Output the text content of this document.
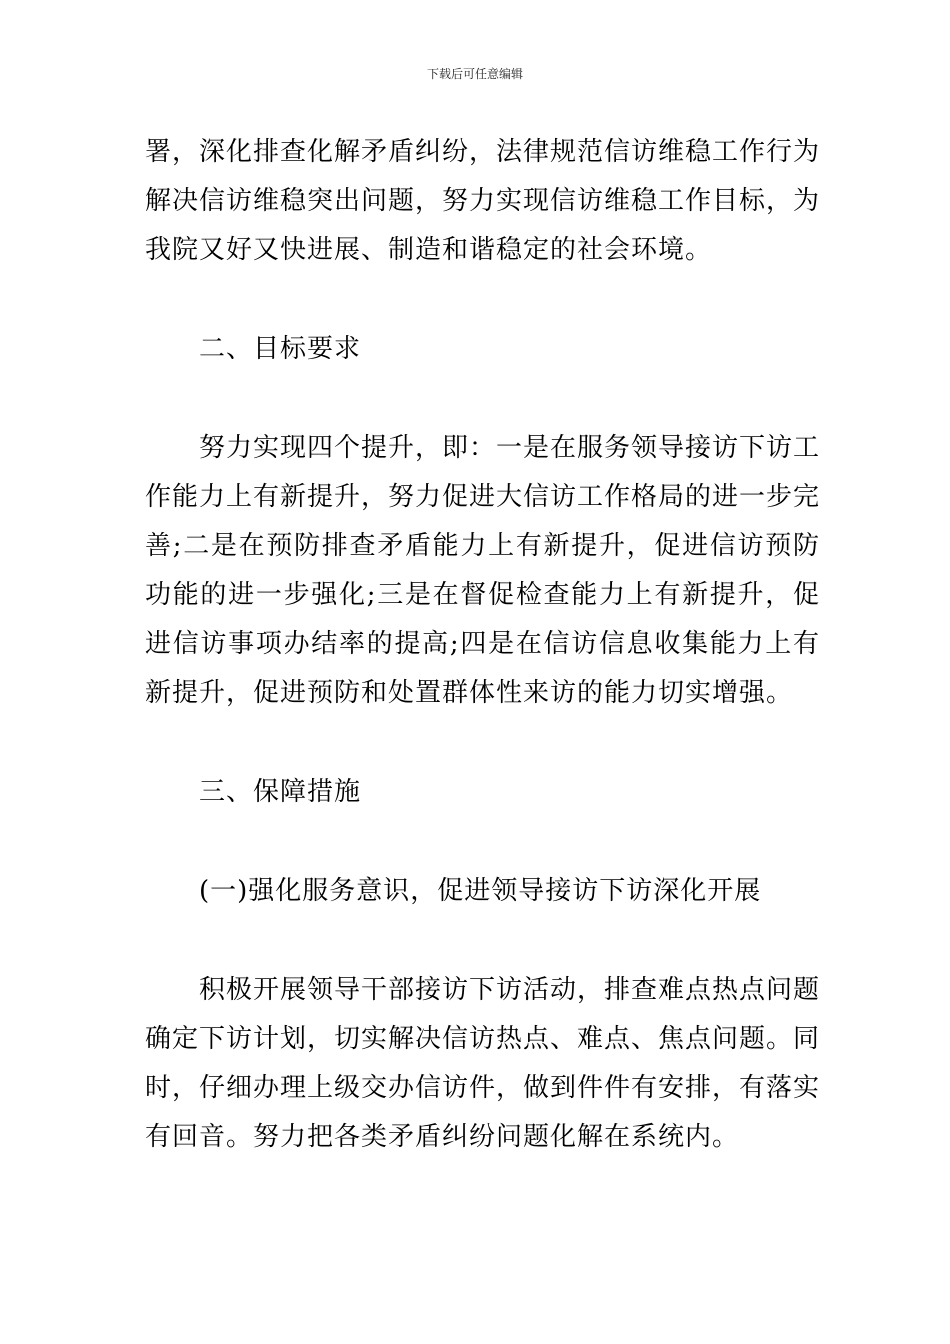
下载后可任意编辑

署，深化排查化解矛盾纠纷，法律规范信访维稳工作行为解决信访维稳突出问题，努力实现信访维稳工作目标，为我院又好又快进展、制造和谐稳定的社会环境。

二、目标要求

努力实现四个提升，即：一是在服务领导接访下访工作能力上有新提升，努力促进大信访工作格局的进一步完善;二是在预防排查矛盾能力上有新提升，促进信访预防功能的进一步强化;三是在督促检查能力上有新提升，促进信访事项办结率的提高;四是在信访信息收集能力上有新提升，促进预防和处置群体性来访的能力切实增强。

三、保障措施

(一)强化服务意识，促进领导接访下访深化开展

积极开展领导干部接访下访活动，排查难点热点问题确定下访计划，切实解决信访热点、难点、焦点问题。同时，仔细办理上级交办信访件，做到件件有安排，有落实有回音。努力把各类矛盾纠纷问题化解在系统内。
